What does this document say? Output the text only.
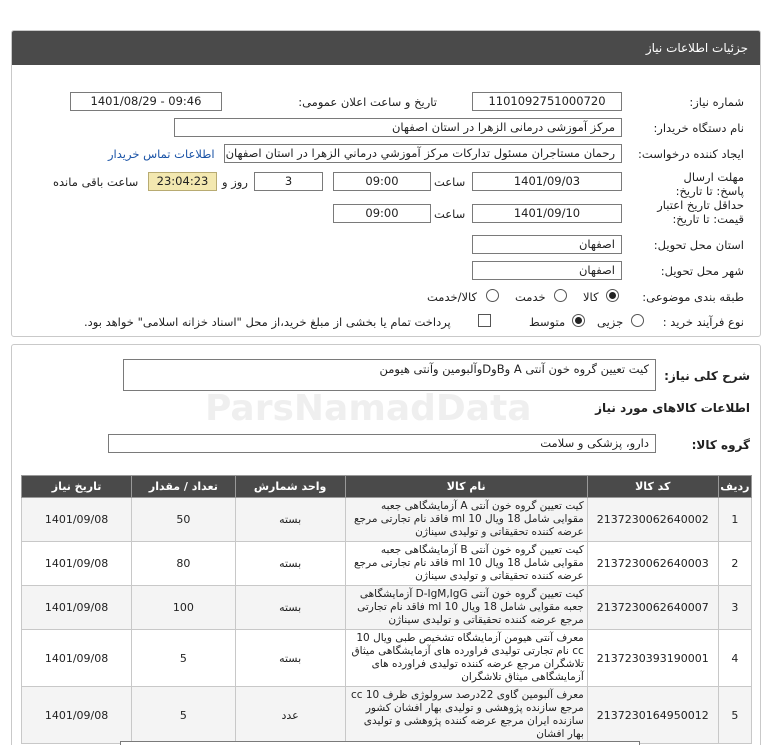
جزئیات اطلاعات نیاز
شماره نیاز:
1101092751000720
تاریخ و ساعت اعلان عمومی:
1401/08/29 - 09:46
نام دستگاه خریدار:
مرکز آموزشی درمانی الزهرا در استان اصفهان
ایجاد کننده درخواست:
رحمان مستاجران مسئول تداركات مركز آموزشي درماني الزهرا در استان اصفهان
اطلاعات تماس خریدار
مهلت ارسال پاسخ: تا تاریخ:
1401/09/03
ساعت
09:00
3
روز و
23:04:23
ساعت باقی مانده
حداقل تاریخ اعتبار قیمت: تا تاریخ:
1401/09/10
ساعت
09:00
استان محل تحویل:
اصفهان
شهر محل تحویل:
اصفهان
طبقه بندی موضوعی:
کالا
خدمت
کالا/خدمت
نوع فرآیند خرید :
جزیی
متوسط
پرداخت تمام یا بخشی از مبلغ خرید،از محل "اسناد خزانه اسلامی" خواهد بود.
شرح کلی نیاز:
کیت تعیین گروه خون آنتی A وBوDوآلبومین وآنتی هیومن
اطلاعات کالاهای مورد نیاز
گروه کالا:
دارو، پزشکی و سلامت
ردیف	کد کالا	نام کالا	واحد شمارش	تعداد / مقدار	تاریخ نیاز
1	2137230062640002	کیت تعیین گروه خون آنتی A آزمایشگاهی جعبه مقوایی شامل 18 ویال 10 ml فاقد نام تجارتی مرجع عرضه کننده تحقیقاتی و تولیدی سیناژن	بسته	50	1401/09/08
2	2137230062640003	کیت تعیین گروه خون آنتی B آزمایشگاهی جعبه مقوایی شامل 18 ویال 10 ml فاقد نام تجارتی مرجع عرضه کننده تحقیقاتی و تولیدی سیناژن	بسته	80	1401/09/08
3	2137230062640007	کیت تعیین گروه خون آنتی D-IgM,IgG آزمایشگاهی جعبه مقوایی شامل 18 ویال 10 ml فاقد نام تجارتی مرجع عرضه کننده تحقیقاتی و تولیدی سیناژن	بسته	100	1401/09/08
4	2137230393190001	معرف آنتی هیومن آزمایشگاه تشخیص طبی ویال 10 cc نام تجارتی تولیدی فراورده های آزمایشگاهی میثاق تلاشگران مرجع عرضه کننده تولیدی فراورده های آزمایشگاهی میثاق تلاشگران	بسته	5	1401/09/08
5	2137230164950012	معرف آلبومین گاوی 22درصد سرولوژی ظرف 10 cc مرجع سازنده پژوهشی و تولیدی بهار افشان کشور سازنده ایران مرجع عرضه کننده پژوهشی و تولیدی بهار افشان	عدد	5	1401/09/08
